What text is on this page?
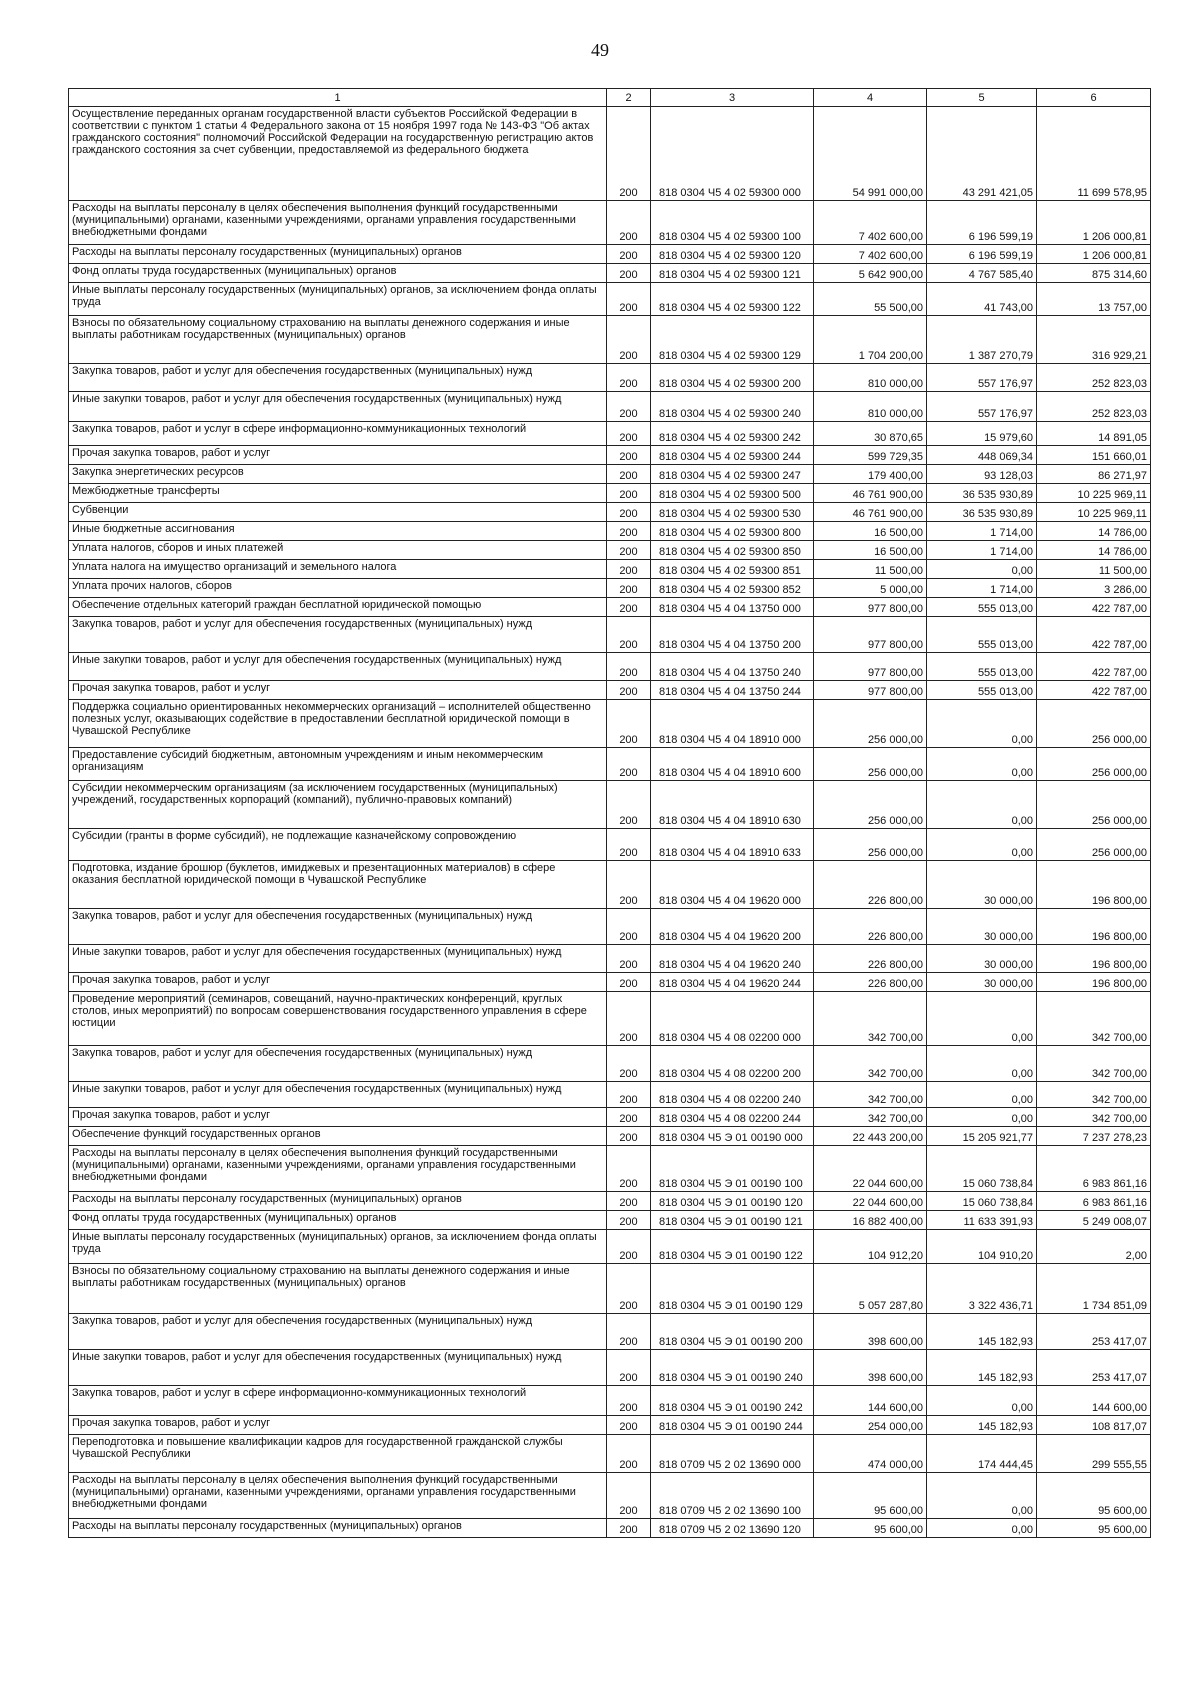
49
1	2	3	4	5	6
Осуществление переданных органам государственной власти субъектов Российской Федерации в соответствии с пунктом 1 статьи 4 Федерального закона от 15 ноября 1997 года № 143-ФЗ "Об актах гражданского состояния" полномочий Российской Федерации на государственную регистрацию актов гражданского состояния за счет субвенции, предоставляемой из федерального бюджета	200	818 0304 Ч5 4 02 59300 000	54 991 000,00	43 291 421,05	11 699 578,95
Расходы на выплаты персоналу в целях обеспечения выполнения функций государственными (муниципальными) органами, казенными учреждениями, органами управления государственными внебюджетными фондами	200	818 0304 Ч5 4 02 59300 100	7 402 600,00	6 196 599,19	1 206 000,81
Расходы на выплаты персоналу государственных (муниципальных) органов	200	818 0304 Ч5 4 02 59300 120	7 402 600,00	6 196 599,19	1 206 000,81
Фонд оплаты труда государственных (муниципальных) органов	200	818 0304 Ч5 4 02 59300 121	5 642 900,00	4 767 585,40	875 314,60
Иные выплаты персоналу государственных (муниципальных) органов, за исключением фонда оплаты труда	200	818 0304 Ч5 4 02 59300 122	55 500,00	41 743,00	13 757,00
Взносы по обязательному социальному страхованию на выплаты денежного содержания и иные выплаты работникам государственных (муниципальных) органов	200	818 0304 Ч5 4 02 59300 129	1 704 200,00	1 387 270,79	316 929,21
Закупка товаров, работ и услуг для обеспечения государственных (муниципальных) нужд	200	818 0304 Ч5 4 02 59300 200	810 000,00	557 176,97	252 823,03
Иные закупки товаров, работ и услуг для обеспечения государственных (муниципальных) нужд	200	818 0304 Ч5 4 02 59300 240	810 000,00	557 176,97	252 823,03
Закупка товаров, работ и услуг в сфере информационно-коммуникационных технологий	200	818 0304 Ч5 4 02 59300 242	30 870,65	15 979,60	14 891,05
Прочая закупка товаров, работ и услуг	200	818 0304 Ч5 4 02 59300 244	599 729,35	448 069,34	151 660,01
Закупка энергетических ресурсов	200	818 0304 Ч5 4 02 59300 247	179 400,00	93 128,03	86 271,97
Межбюджетные трансферты	200	818 0304 Ч5 4 02 59300 500	46 761 900,00	36 535 930,89	10 225 969,11
Субвенции	200	818 0304 Ч5 4 02 59300 530	46 761 900,00	36 535 930,89	10 225 969,11
Иные бюджетные ассигнования	200	818 0304 Ч5 4 02 59300 800	16 500,00	1 714,00	14 786,00
Уплата налогов, сборов и иных платежей	200	818 0304 Ч5 4 02 59300 850	16 500,00	1 714,00	14 786,00
Уплата налога на имущество организаций и земельного налога	200	818 0304 Ч5 4 02 59300 851	11 500,00	0,00	11 500,00
Уплата прочих налогов, сборов	200	818 0304 Ч5 4 02 59300 852	5 000,00	1 714,00	3 286,00
Обеспечение отдельных категорий граждан бесплатной юридической помощью	200	818 0304 Ч5 4 04 13750 000	977 800,00	555 013,00	422 787,00
Закупка товаров, работ и услуг для обеспечения государственных (муниципальных) нужд	200	818 0304 Ч5 4 04 13750 200	977 800,00	555 013,00	422 787,00
Иные закупки товаров, работ и услуг для обеспечения государственных (муниципальных) нужд	200	818 0304 Ч5 4 04 13750 240	977 800,00	555 013,00	422 787,00
Прочая закупка товаров, работ и услуг	200	818 0304 Ч5 4 04 13750 244	977 800,00	555 013,00	422 787,00
Поддержка социально ориентированных некоммерческих организаций – исполнителей общественно полезных услуг, оказывающих содействие в предоставлении бесплатной юридической помощи в Чувашской Республике	200	818 0304 Ч5 4 04 18910 000	256 000,00	0,00	256 000,00
Предоставление субсидий бюджетным, автономным учреждениям и иным некоммерческим организациям	200	818 0304 Ч5 4 04 18910 600	256 000,00	0,00	256 000,00
Субсидии некоммерческим организациям (за исключением государственных (муниципальных) учреждений, государственных корпораций (компаний), публично-правовых компаний)	200	818 0304 Ч5 4 04 18910 630	256 000,00	0,00	256 000,00
Субсидии (гранты в форме субсидий), не подлежащие казначейскому сопровождению	200	818 0304 Ч5 4 04 18910 633	256 000,00	0,00	256 000,00
Подготовка, издание брошюр (буклетов, имиджевых и презентационных материалов) в сфере оказания бесплатной юридической помощи в Чувашской Республике	200	818 0304 Ч5 4 04 19620 000	226 800,00	30 000,00	196 800,00
Закупка товаров, работ и услуг для обеспечения государственных (муниципальных) нужд	200	818 0304 Ч5 4 04 19620 200	226 800,00	30 000,00	196 800,00
Иные закупки товаров, работ и услуг для обеспечения государственных (муниципальных) нужд	200	818 0304 Ч5 4 04 19620 240	226 800,00	30 000,00	196 800,00
Прочая закупка товаров, работ и услуг	200	818 0304 Ч5 4 04 19620 244	226 800,00	30 000,00	196 800,00
Проведение мероприятий (семинаров, совещаний, научно-практических конференций, круглых столов, иных мероприятий) по вопросам совершенствования государственного управления в сфере юстиции	200	818 0304 Ч5 4 08 02200 000	342 700,00	0,00	342 700,00
Закупка товаров, работ и услуг для обеспечения государственных (муниципальных) нужд	200	818 0304 Ч5 4 08 02200 200	342 700,00	0,00	342 700,00
Иные закупки товаров, работ и услуг для обеспечения государственных (муниципальных) нужд	200	818 0304 Ч5 4 08 02200 240	342 700,00	0,00	342 700,00
Прочая закупка товаров, работ и услуг	200	818 0304 Ч5 4 08 02200 244	342 700,00	0,00	342 700,00
Обеспечение функций государственных органов	200	818 0304 Ч5 Э 01 00190 000	22 443 200,00	15 205 921,77	7 237 278,23
Расходы на выплаты персоналу в целях обеспечения выполнения функций государственными (муниципальными) органами, казенными учреждениями, органами управления государственными внебюджетными фондами	200	818 0304 Ч5 Э 01 00190 100	22 044 600,00	15 060 738,84	6 983 861,16
Расходы на выплаты персоналу государственных (муниципальных) органов	200	818 0304 Ч5 Э 01 00190 120	22 044 600,00	15 060 738,84	6 983 861,16
Фонд оплаты труда государственных (муниципальных) органов	200	818 0304 Ч5 Э 01 00190 121	16 882 400,00	11 633 391,93	5 249 008,07
Иные выплаты персоналу государственных (муниципальных) органов, за исключением фонда оплаты труда	200	818 0304 Ч5 Э 01 00190 122	104 912,20	104 910,20	2,00
Взносы по обязательному социальному страхованию на выплаты денежного содержания и иные выплаты работникам государственных (муниципальных) органов	200	818 0304 Ч5 Э 01 00190 129	5 057 287,80	3 322 436,71	1 734 851,09
Закупка товаров, работ и услуг для обеспечения государственных (муниципальных) нужд	200	818 0304 Ч5 Э 01 00190 200	398 600,00	145 182,93	253 417,07
Иные закупки товаров, работ и услуг для обеспечения государственных (муниципальных) нужд	200	818 0304 Ч5 Э 01 00190 240	398 600,00	145 182,93	253 417,07
Закупка товаров, работ и услуг в сфере информационно-коммуникационных технологий	200	818 0304 Ч5 Э 01 00190 242	144 600,00	0,00	144 600,00
Прочая закупка товаров, работ и услуг	200	818 0304 Ч5 Э 01 00190 244	254 000,00	145 182,93	108 817,07
Переподготовка и повышение квалификации кадров для государственной гражданской службы Чувашской Республики	200	818 0709 Ч5 2 02 13690 000	474 000,00	174 444,45	299 555,55
Расходы на выплаты персоналу в целях обеспечения выполнения функций государственными (муниципальными) органами, казенными учреждениями, органами управления государственными внебюджетными фондами	200	818 0709 Ч5 2 02 13690 100	95 600,00	0,00	95 600,00
Расходы на выплаты персоналу государственных (муниципальных) органов	200	818 0709 Ч5 2 02 13690 120	95 600,00	0,00	95 600,00
